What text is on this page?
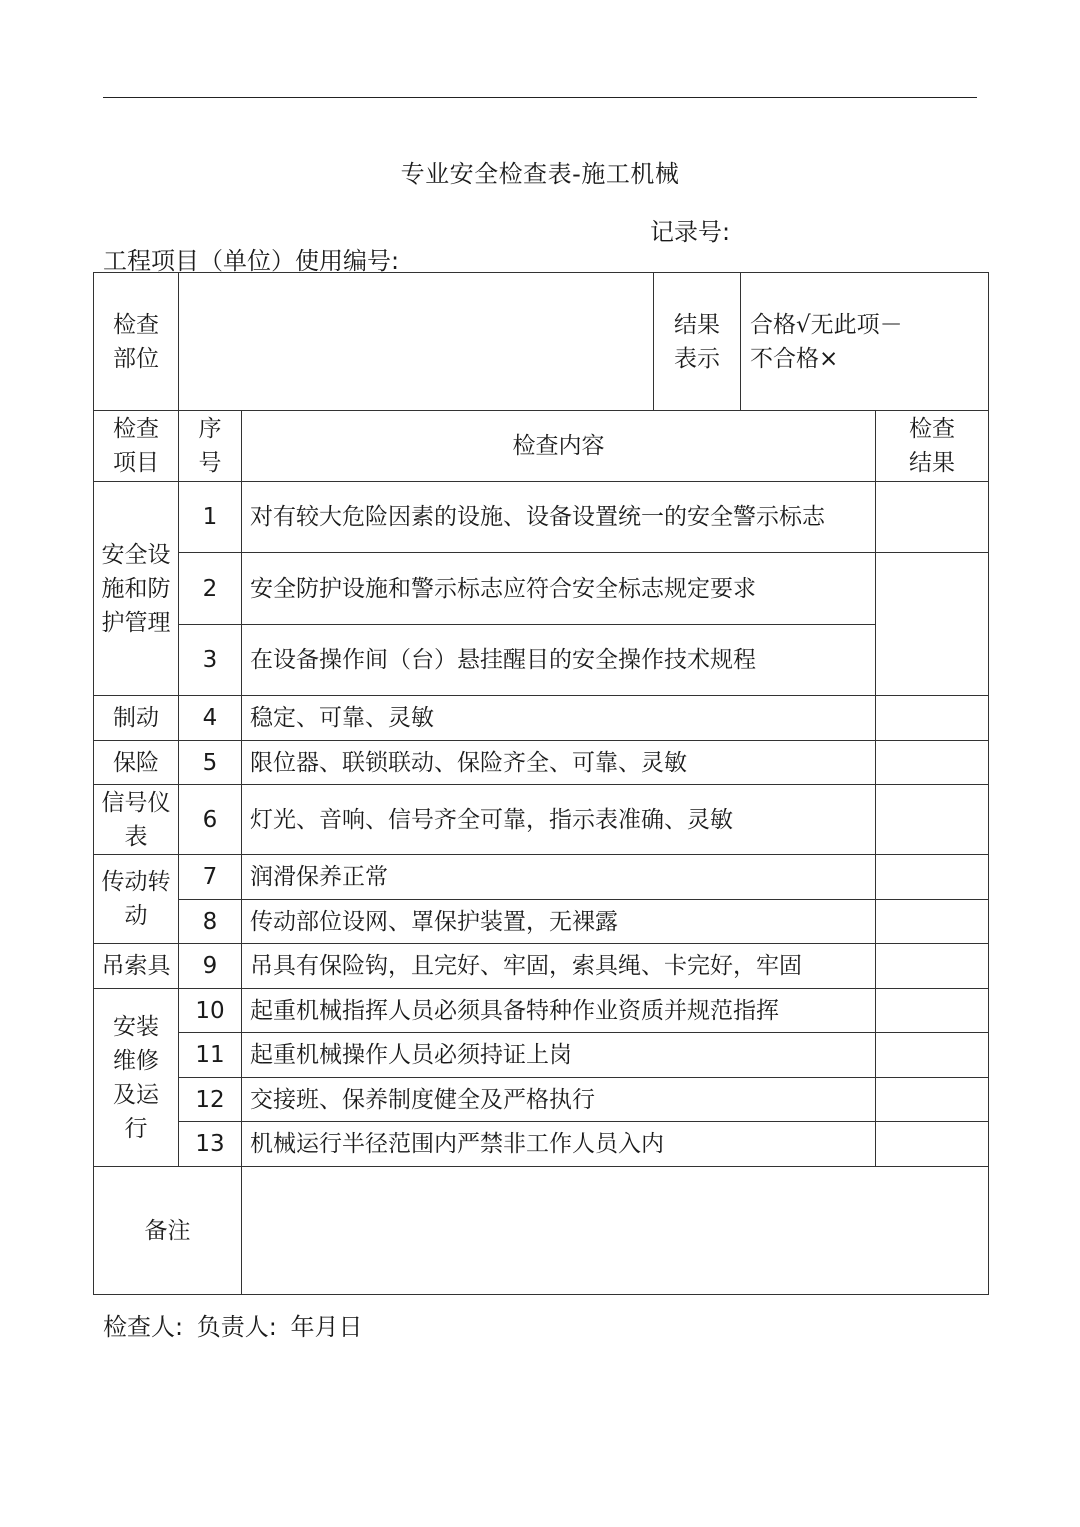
专业安全检查表-施工机械
记录号:
工程项目（单位）使用编号:
检查部位			结果表示	合格√无此项－
不合格×	

检查项目	序号	检查内容			检查结果

安全设施和防护管理	1	对有较大危险因素的设施、设备设置统一的安全警示标志			
	2	安全防护设施和警示标志应符合安全标志规定要求			
	3	在设备操作间（台）悬挂醒目的安全操作技术规程			
制动	4	稳定、可靠、灵敏			
保险	5	限位器、联锁联动、保险齐全、可靠、灵敏			

信号仪表	6	灯光、音响、信号齐全可靠，指示表准确、灵敏			

传动转动	7	润滑保养正常			
	8	传动部位设网、罩保护装置，无裸露			
吊索具	9	吊具有保险钩，且完好、牢固，索具绳、卡完好，牢固			

安装维修及运行	10	起重机械指挥人员必须具备特种作业资质并规范指挥			
	11	起重机械操作人员必须持证上岗			
	12	交接班、保养制度健全及严格执行			
	13	机械运行半径范围内严禁非工作人员入内			
备注					
检查人: 负责人: 年月日
